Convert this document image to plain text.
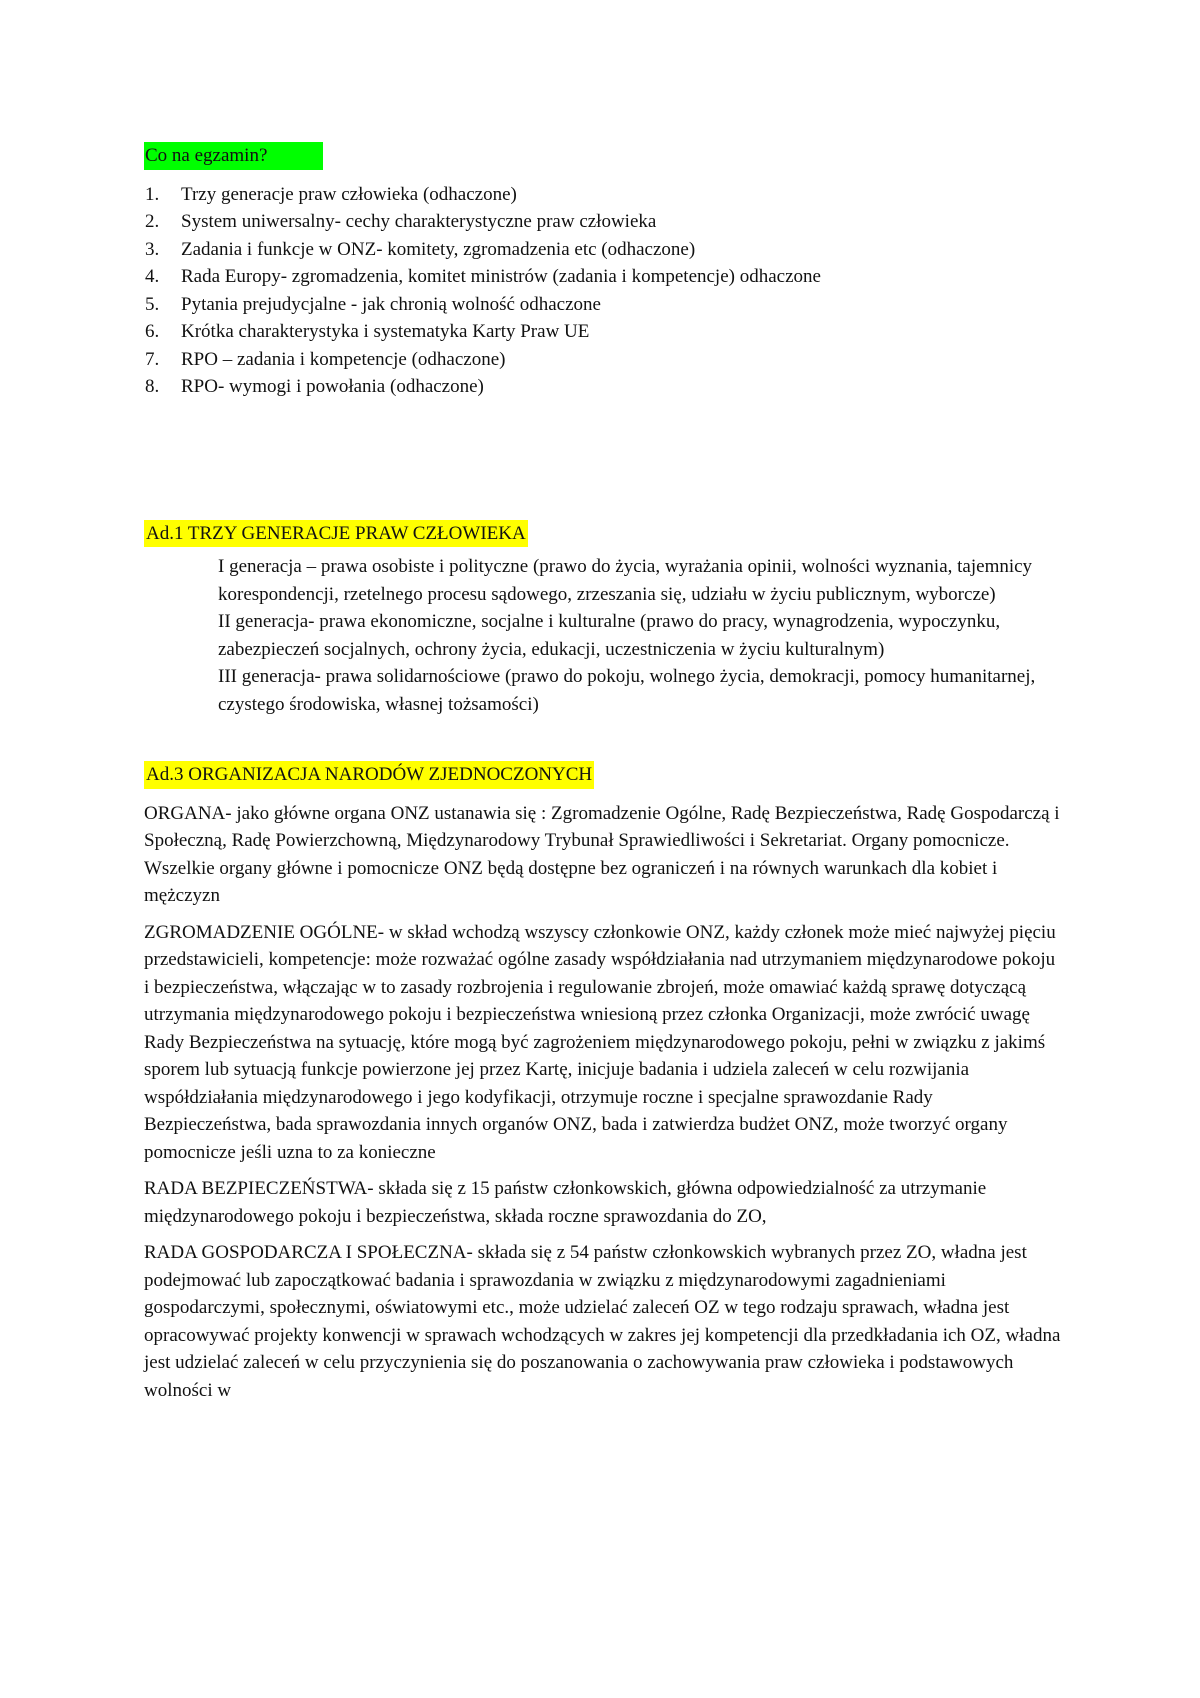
Co na egzamin?
1. Trzy generacje praw człowieka (odhaczone)
2. System uniwersalny- cechy charakterystyczne praw człowieka
3. Zadania i funkcje w ONZ- komitety, zgromadzenia etc (odhaczone)
4. Rada Europy- zgromadzenia, komitet ministrów (zadania i kompetencje) odhaczone
5. Pytania prejudycjalne - jak chronią wolność odhaczone
6. Krótka charakterystyka i systematyka Karty Praw UE
7. RPO – zadania i kompetencje (odhaczone)
8. RPO- wymogi i powołania (odhaczone)
Ad.1 TRZY GENERACJE PRAW CZŁOWIEKA

I generacja – prawa osobiste i polityczne (prawo do życia, wyrażania opinii, wolności wyznania, tajemnicy korespondencji, rzetelnego procesu sądowego, zrzeszania się, udziału w życiu publicznym, wyborcze)

II generacja- prawa ekonomiczne, socjalne i kulturalne (prawo do pracy, wynagrodzenia, wypoczynku, zabezpieczeń socjalnych, ochrony życia, edukacji, uczestniczenia w życiu kulturalnym)

III generacja- prawa solidarnościowe (prawo do pokoju, wolnego życia, demokracji, pomocy humanitarnej, czystego środowiska, własnej tożsamości)

Ad.3 ORGANIZACJA NARODÓW ZJEDNOCZONYCH

ORGANA- jako główne organa ONZ ustanawia się : Zgromadzenie Ogólne, Radę Bezpieczeństwa, Radę Gospodarczą i Społeczną, Radę Powierzchowną, Międzynarodowy Trybunał Sprawiedliwości i Sekretariat. Organy pomocnicze. Wszelkie organy główne i pomocnicze ONZ będą dostępne bez ograniczeń i na równych warunkach dla kobiet i mężczyzn

ZGROMADZENIE OGÓLNE- w skład wchodzą wszyscy członkowie ONZ, każdy członek może mieć najwyżej pięciu przedstawicieli, kompetencje: może rozważać ogólne zasady współdziałania nad utrzymaniem międzynarodowe pokoju i bezpieczeństwa, włączając w to zasady rozbrojenia i regulowanie zbrojeń, może omawiać każdą sprawę dotyczącą utrzymania międzynarodowego pokoju i bezpieczeństwa wniesioną przez członka Organizacji, może zwrócić uwagę Rady Bezpieczeństwa na sytuację, które mogą być zagrożeniem międzynarodowego pokoju, pełni w związku z jakimś sporem lub sytuacją funkcje powierzone jej przez Kartę, inicjuje badania i udziela zaleceń w celu rozwijania współdziałania międzynarodowego i jego kodyfikacji, otrzymuje roczne i specjalne sprawozdanie Rady Bezpieczeństwa, bada sprawozdania innych organów ONZ, bada i zatwierdza budżet ONZ, może tworzyć organy pomocnicze jeśli uzna to za konieczne

RADA BEZPIECZEŃSTWA- składa się z 15 państw członkowskich, główna odpowiedzialność za utrzymanie międzynarodowego pokoju i bezpieczeństwa, składa roczne sprawozdania do ZO,

RADA GOSPODARCZA I SPOŁECZNA- składa się z 54 państw członkowskich wybranych przez ZO, władna jest podejmować lub zapoczątkować badania i sprawozdania w związku z międzynarodowymi zagadnieniami gospodarczymi, społecznymi, oświatowymi etc., może udzielać zaleceń OZ w tego rodzaju sprawach, władna jest opracowywać projekty konwencji w sprawach wchodzących w zakres jej kompetencji dla przedkładania ich OZ, władna jest udzielać zaleceń w celu przyczynienia się do poszanowania o zachowywania praw człowieka i podstawowych wolności w
